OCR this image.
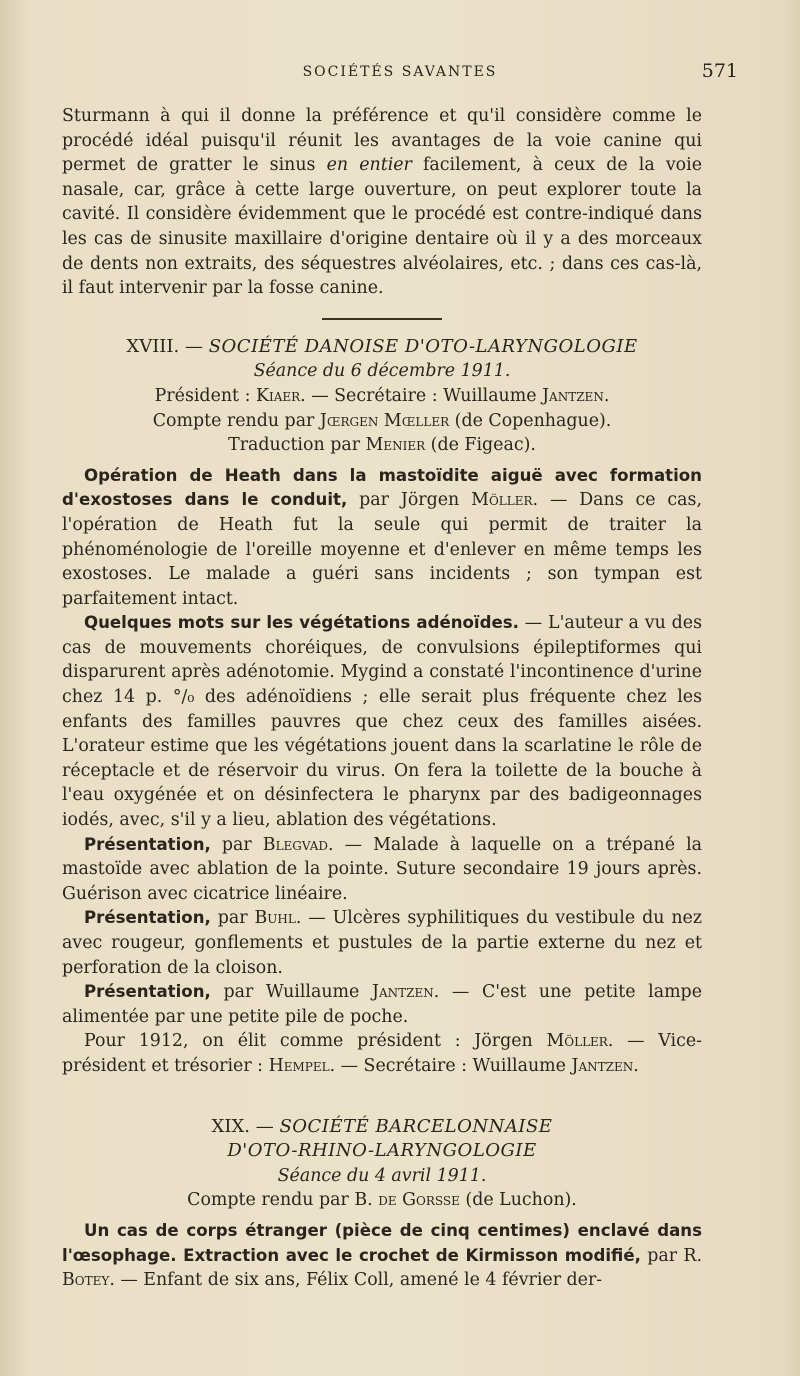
SOCIÉTÉS SAVANTES	571

Sturmann à qui il donne la préférence et qu'il considère comme le procédé idéal puisqu'il réunit les avantages de la voie canine qui permet de gratter le sinus en entier facilement, à ceux de la voie nasale, car, grâce à cette large ouverture, on peut explorer toute la cavité. Il considère évidemment que le procédé est contre-indiqué dans les cas de sinusite maxillaire d'origine dentaire où il y a des morceaux de dents non extraits, des séquestres alvéolaires, etc. ; dans ces cas-là, il faut intervenir par la fosse canine.

XVIII. — SOCIÉTÉ DANOISE D'OTO-LARYNGOLOGIE
Séance du 6 décembre 1911.
Président : Kiaer. — Secrétaire : Wuillaume Jantzen.
Compte rendu par Jœrgen Mœller (de Copenhague).
Traduction par Menier (de Figeac).

Opération de Heath dans la mastoïdite aiguë avec formation d'exostoses dans le conduit, par Jörgen Möller. — Dans ce cas, l'opération de Heath fut la seule qui permit de traiter la phénoménologie de l'oreille moyenne et d'enlever en même temps les exostoses. Le malade a guéri sans incidents ; son tympan est parfaitement intact.

Quelques mots sur les végétations adénoïdes. — L'auteur a vu des cas de mouvements choréiques, de convulsions épileptiformes qui disparurent après adénotomie. Mygind a constaté l'incontinence d'urine chez 14 p. °/₀ des adénoïdiens ; elle serait plus fréquente chez les enfants des familles pauvres que chez ceux des familles aisées. L'orateur estime que les végétations jouent dans la scarlatine le rôle de réceptacle et de réservoir du virus. On fera la toilette de la bouche à l'eau oxygénée et on désinfectera le pharynx par des badigeonnages iodés, avec, s'il y a lieu, ablation des végétations.

Présentation, par Blegvad. — Malade à laquelle on a trépané la mastoïde avec ablation de la pointe. Suture secondaire 19 jours après. Guérison avec cicatrice linéaire.

Présentation, par Buhl. — Ulcères syphilitiques du vestibule du nez avec rougeur, gonflements et pustules de la partie externe du nez et perforation de la cloison.

Présentation, par Wuillaume Jantzen. — C'est une petite lampe alimentée par une petite pile de poche.

Pour 1912, on élit comme président : Jörgen Möller. — Vice-président et trésorier : Hempel. — Secrétaire : Wuillaume Jantzen.

XIX. — SOCIÉTÉ BARCELONNAISE
D'OTO-RHINO-LARYNGOLOGIE
Séance du 4 avril 1911.
Compte rendu par B. de Gorsse (de Luchon).

Un cas de corps étranger (pièce de cinq centimes) enclavé dans l'œsophage. Extraction avec le crochet de Kirmisson modifié, par R. Botey. — Enfant de six ans, Félix Coll, amené le 4 février der-
